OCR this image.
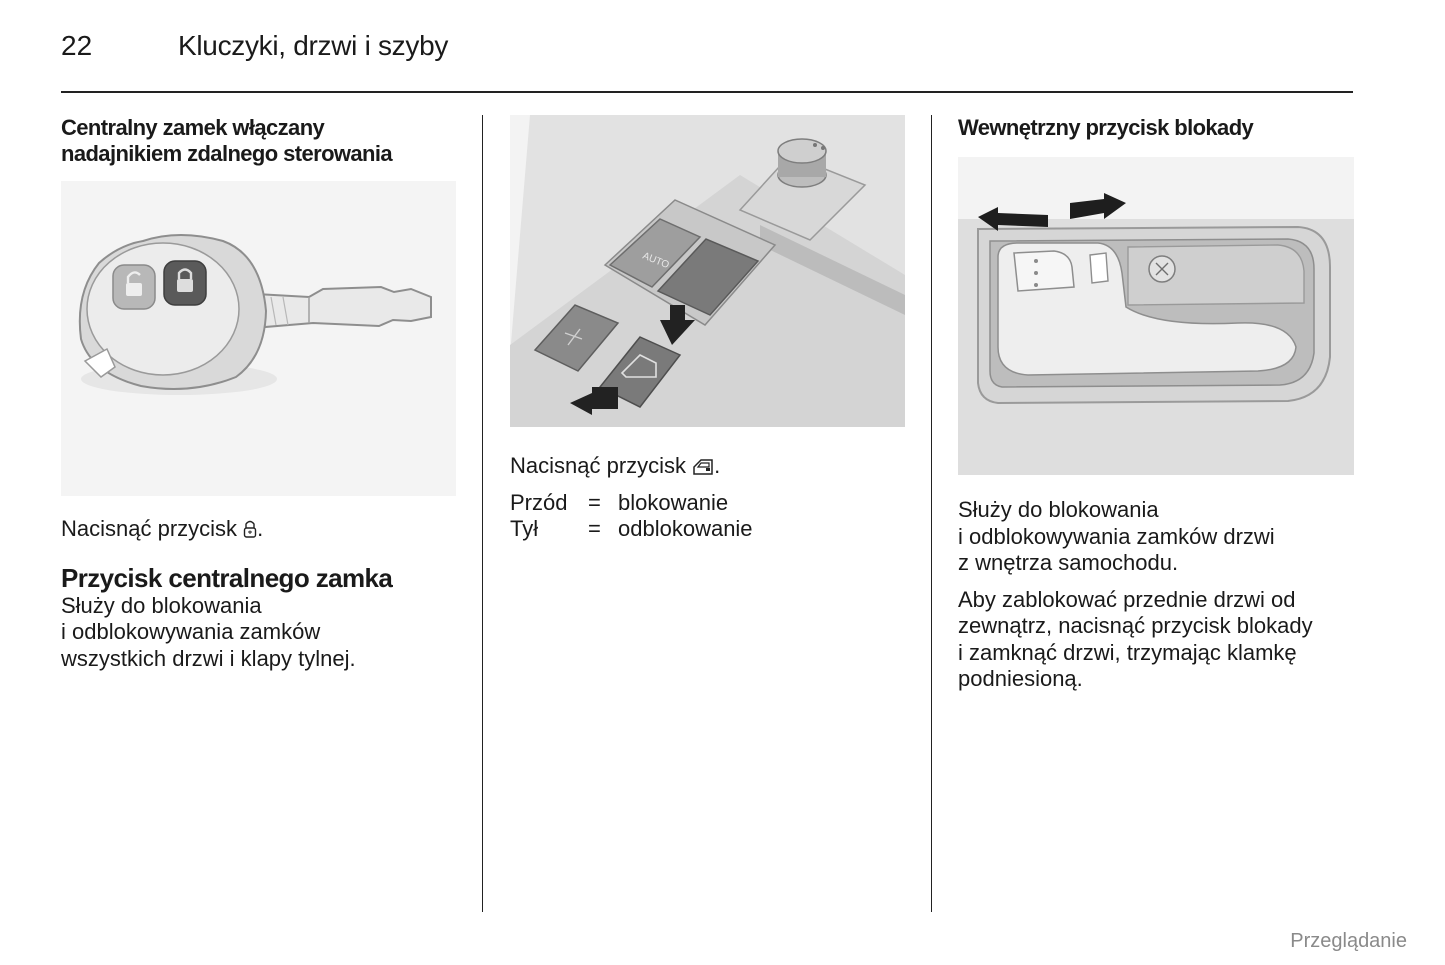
22	Kluczyki, drzwi i szyby
Centralny zamek włączany
nadajnikiem zdalnego sterowania

Nacisnąć przycisk .

Przycisk centralnego zamka
Służy do blokowania
i odblokowywania zamków
wszystkich drzwi i klapy tylnej.
AUTO

Nacisnąć przycisk .

Przód = blokowanie
Tył	= odblokowanie
Wewnętrzny przycisk blokady
Służy do blokowania
i odblokowywania zamków drzwi
z wnętrza samochodu.
Aby zablokować przednie drzwi od
zewnątrz, nacisnąć przycisk blokady
i zamknąć drzwi, trzymając klamkę
podniesioną.
Przeglądanie
